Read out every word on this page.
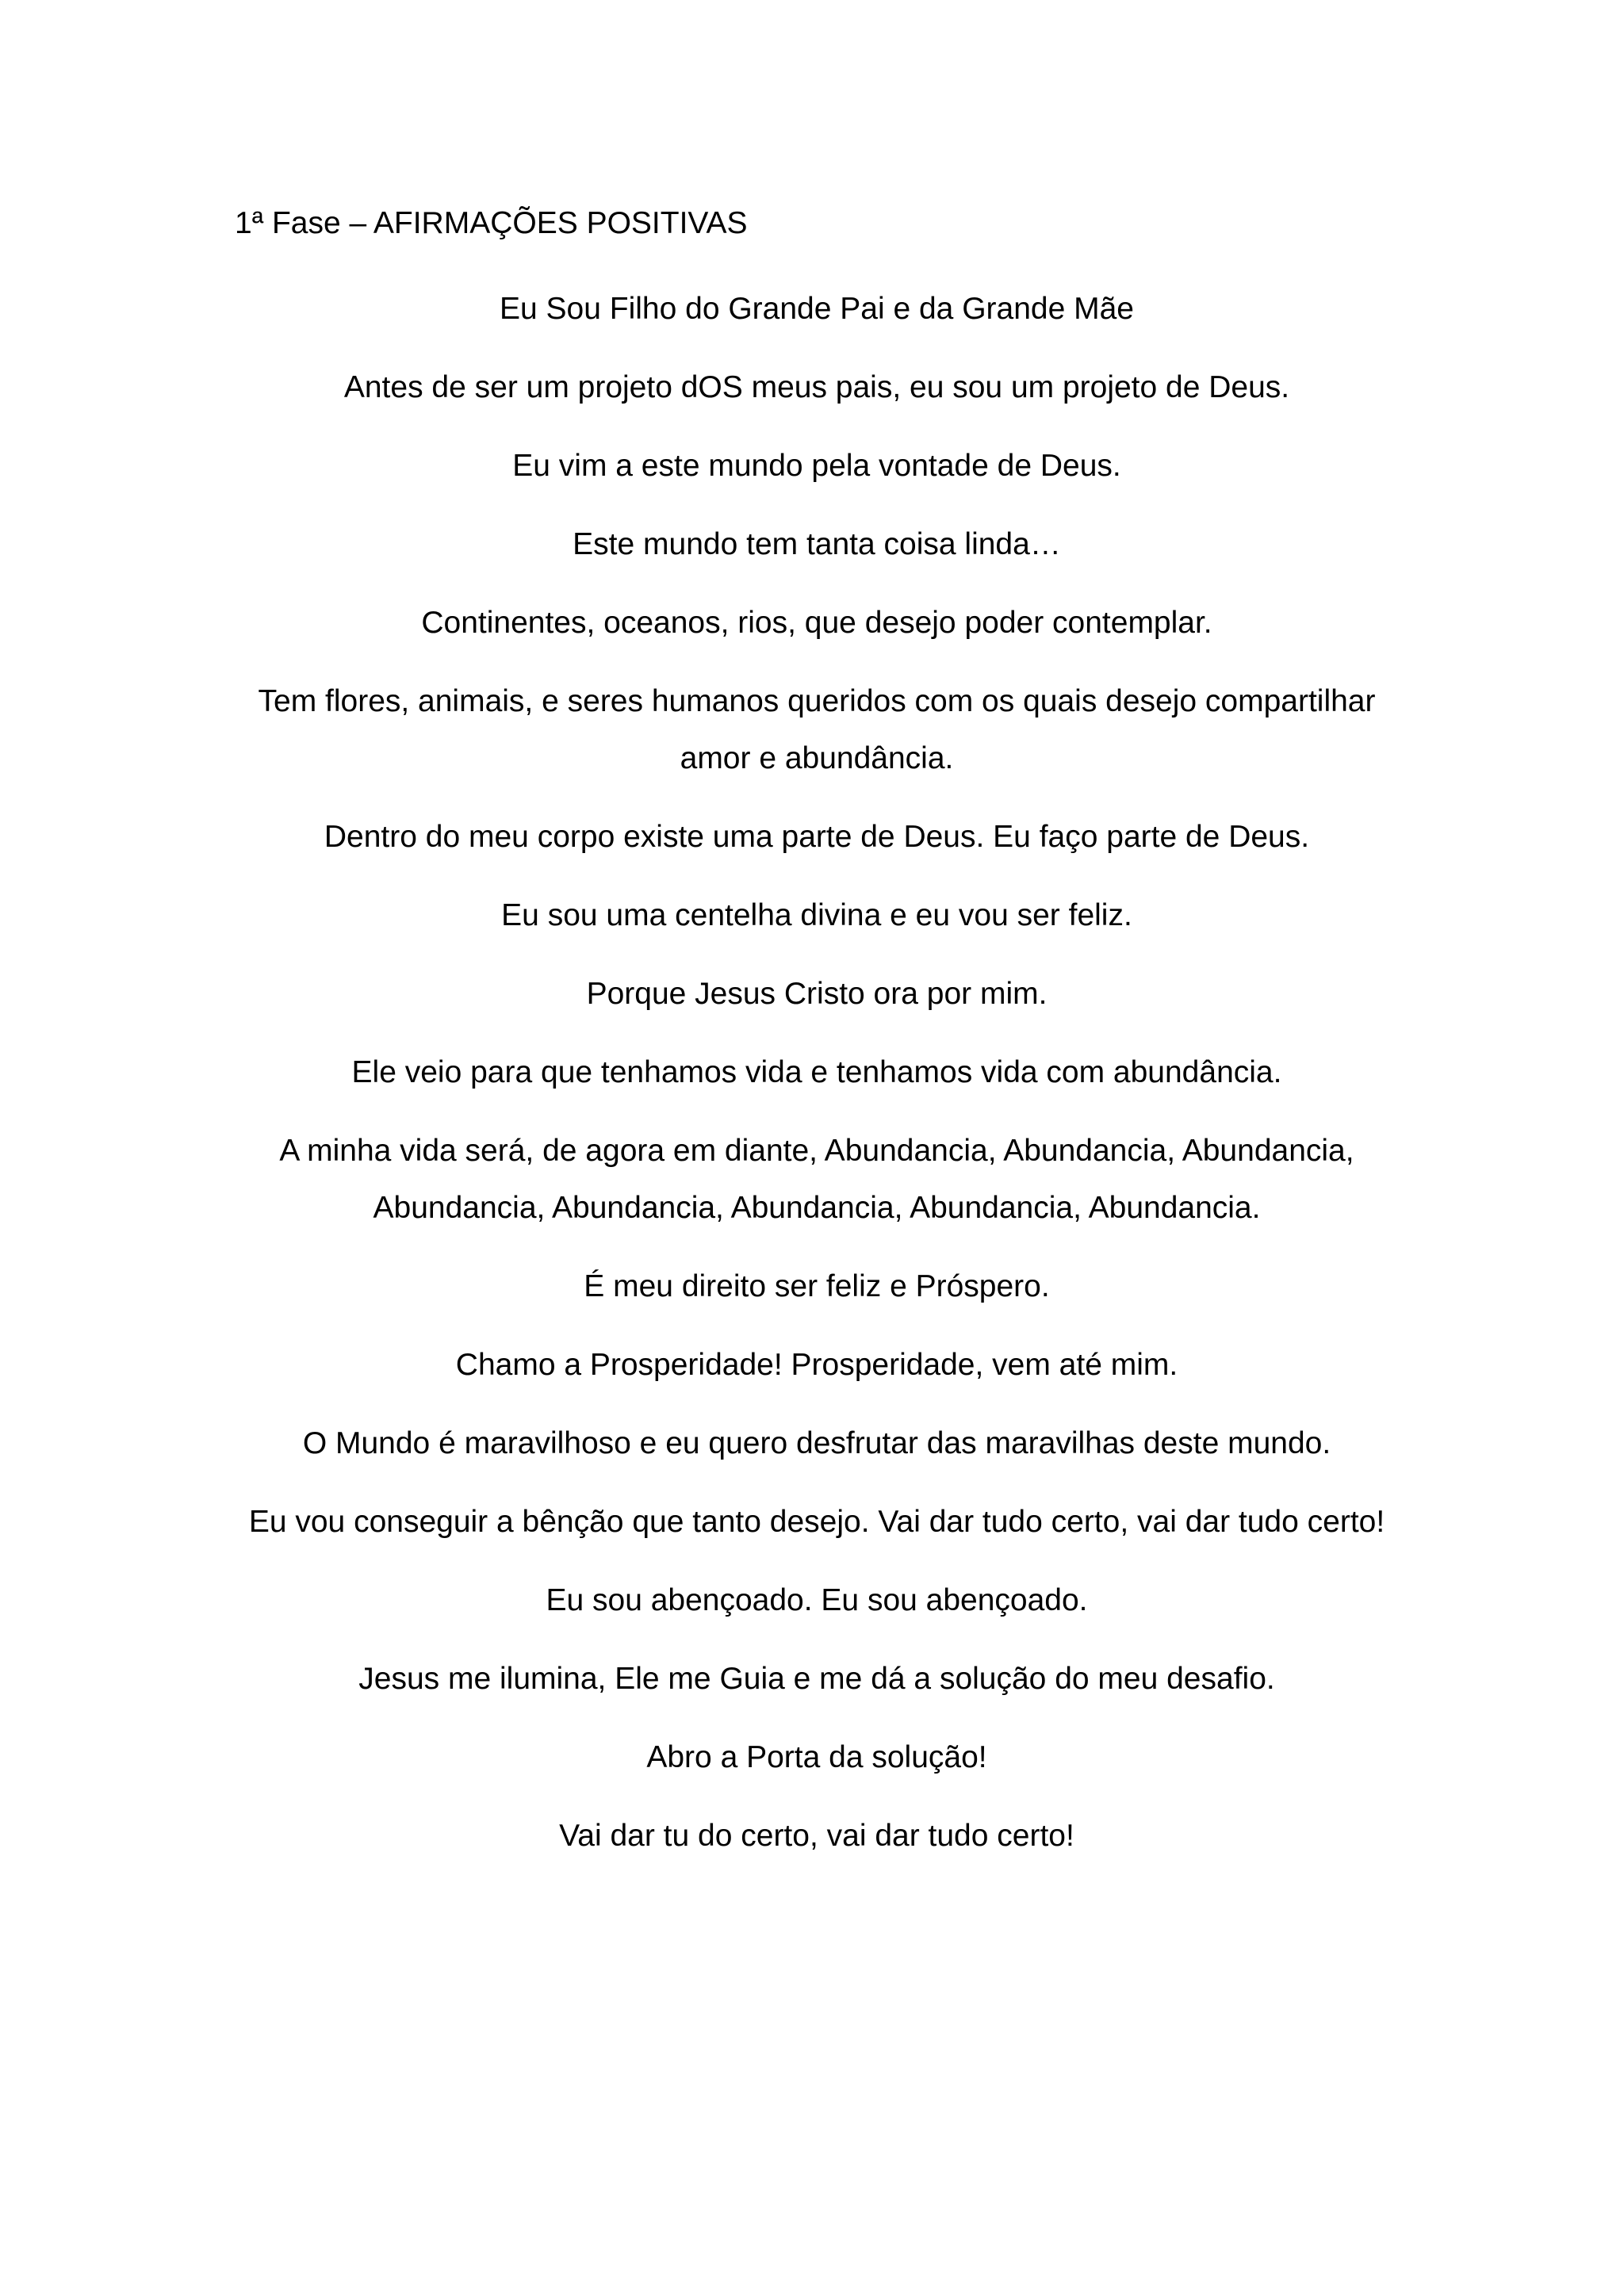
1ª Fase – AFIRMAÇÕES POSITIVAS

Eu Sou Filho do Grande Pai e da Grande Mãe

Antes de ser um projeto dOS meus pais, eu sou um projeto de Deus.

Eu vim a este mundo pela vontade de Deus.

Este mundo tem tanta coisa linda…

Continentes, oceanos, rios, que desejo poder contemplar.

Tem flores, animais, e seres humanos queridos com os quais desejo compartilhar amor e abundância.

Dentro do meu corpo existe uma parte de Deus. Eu faço parte de Deus.

Eu sou uma centelha divina e eu vou ser feliz.

Porque Jesus Cristo ora por mim.

Ele veio para que tenhamos vida e tenhamos vida com abundância.

A minha vida será, de agora em diante, Abundancia, Abundancia, Abundancia, Abundancia, Abundancia, Abundancia, Abundancia, Abundancia.

É meu direito ser feliz e Próspero.

Chamo a Prosperidade! Prosperidade, vem até mim.

O Mundo é maravilhoso e eu quero desfrutar das maravilhas deste mundo.

Eu vou conseguir a bênção que tanto desejo. Vai dar tudo certo, vai dar tudo certo!

Eu sou abençoado. Eu sou abençoado.

Jesus me ilumina, Ele me Guia e me dá a solução do meu desafio.

Abro a Porta da solução!

Vai dar tu do certo, vai dar tudo certo!
